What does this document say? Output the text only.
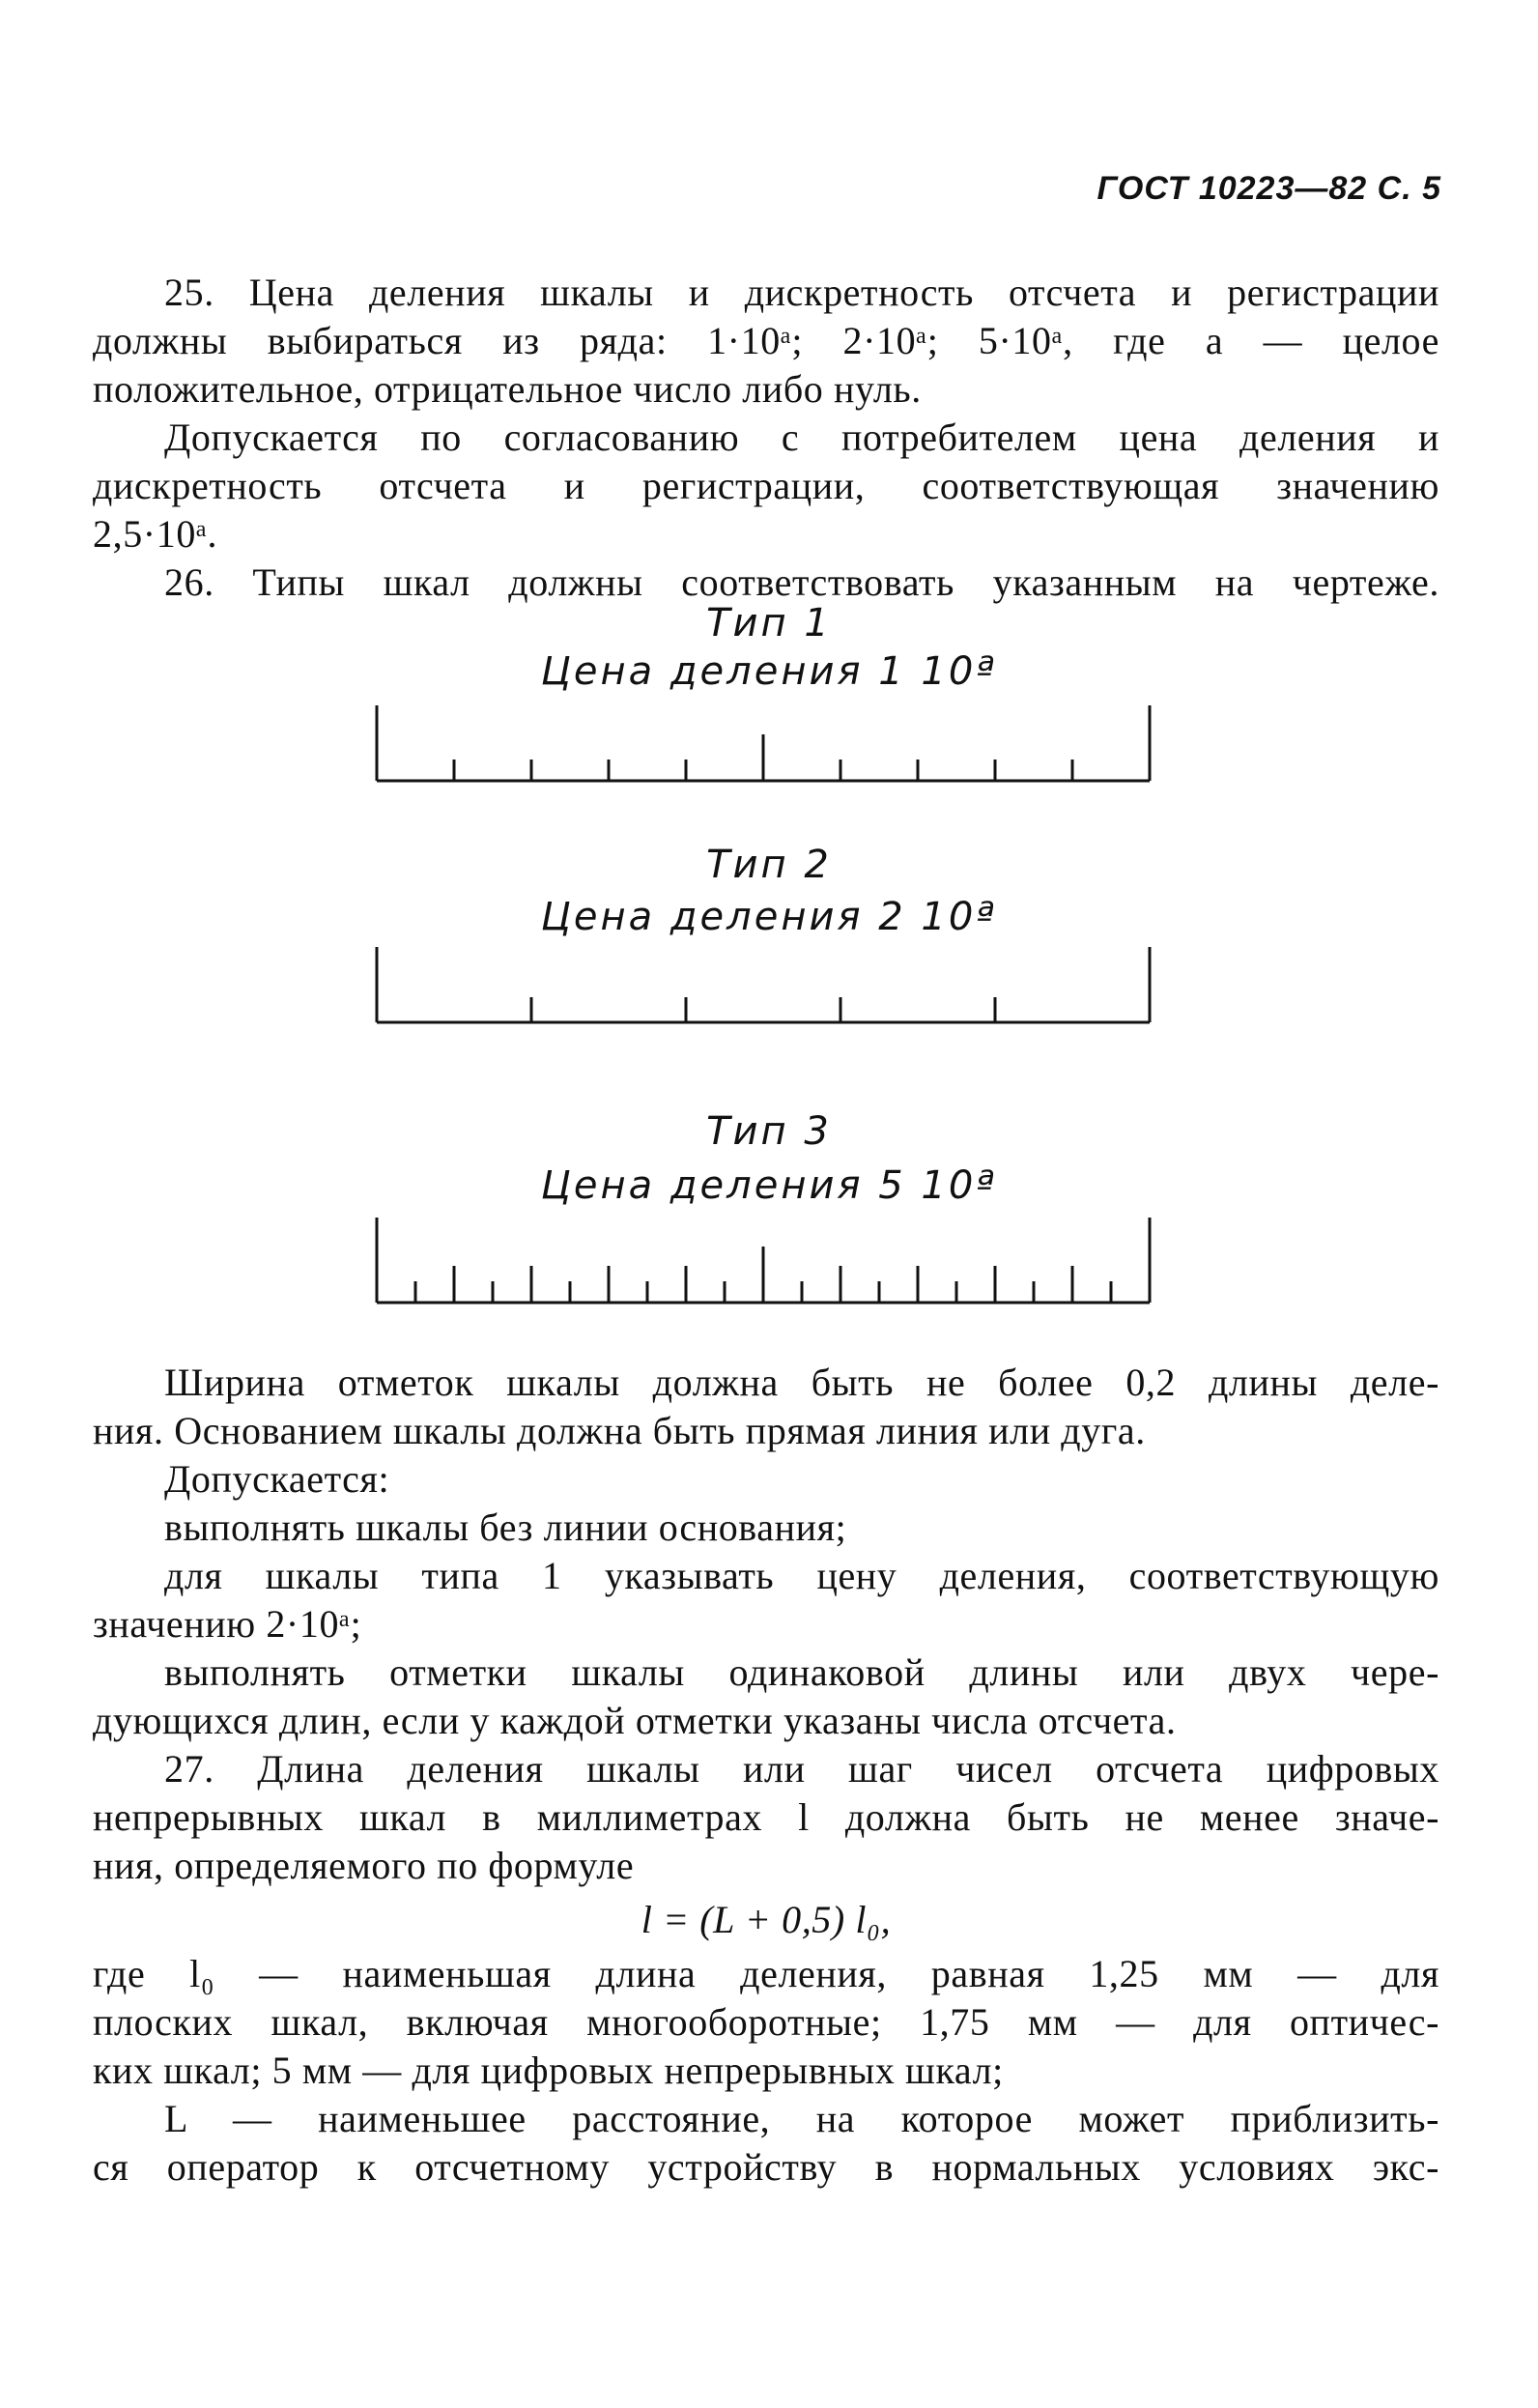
ГОСТ 10223—82 С. 5
25. Цена деления шкалы и дискретность отсчета и регистрации
должны выбираться из ряда: 1·10ᵃ; 2·10ᵃ; 5·10ᵃ, где a — целое
положительное, отрицательное число либо нуль.
Допускается по согласованию с потребителем цена деления и
дискретность отсчета и регистрации, соответствующая значению
2,5·10ᵃ.
26. Типы шкал должны соответствовать указанным на чертеже.
Тип 1
Цена деления 1 10ª
Тип 2
Цена деления 2 10ª
Тип 3
Цена деления 5 10ª
Ширина отметок шкалы должна быть не более 0,2 длины деле-
ния. Основанием шкалы должна быть прямая линия или дуга.
Допускается:
выполнять шкалы без линии основания;
для шкалы типа 1 указывать цену деления, соответствующую
значению 2·10ᵃ;
выполнять отметки шкалы одинаковой длины или двух чере-
дующихся длин, если у каждой отметки указаны числа отсчета.
27. Длина деления шкалы или шаг чисел отсчета цифровых
непрерывных шкал в миллиметрах l должна быть не менее значе-
ния, определяемого по формуле
l = (L + 0,5) l₀,
где l₀ — наименьшая длина деления, равная 1,25 мм — для
плоских шкал, включая многооборотные; 1,75 мм — для оптичес-
ких шкал; 5 мм — для цифровых непрерывных шкал;
L — наименьшее расстояние, на которое может приблизить-
ся оператор к отсчетному устройству в нормальных условиях экс-
